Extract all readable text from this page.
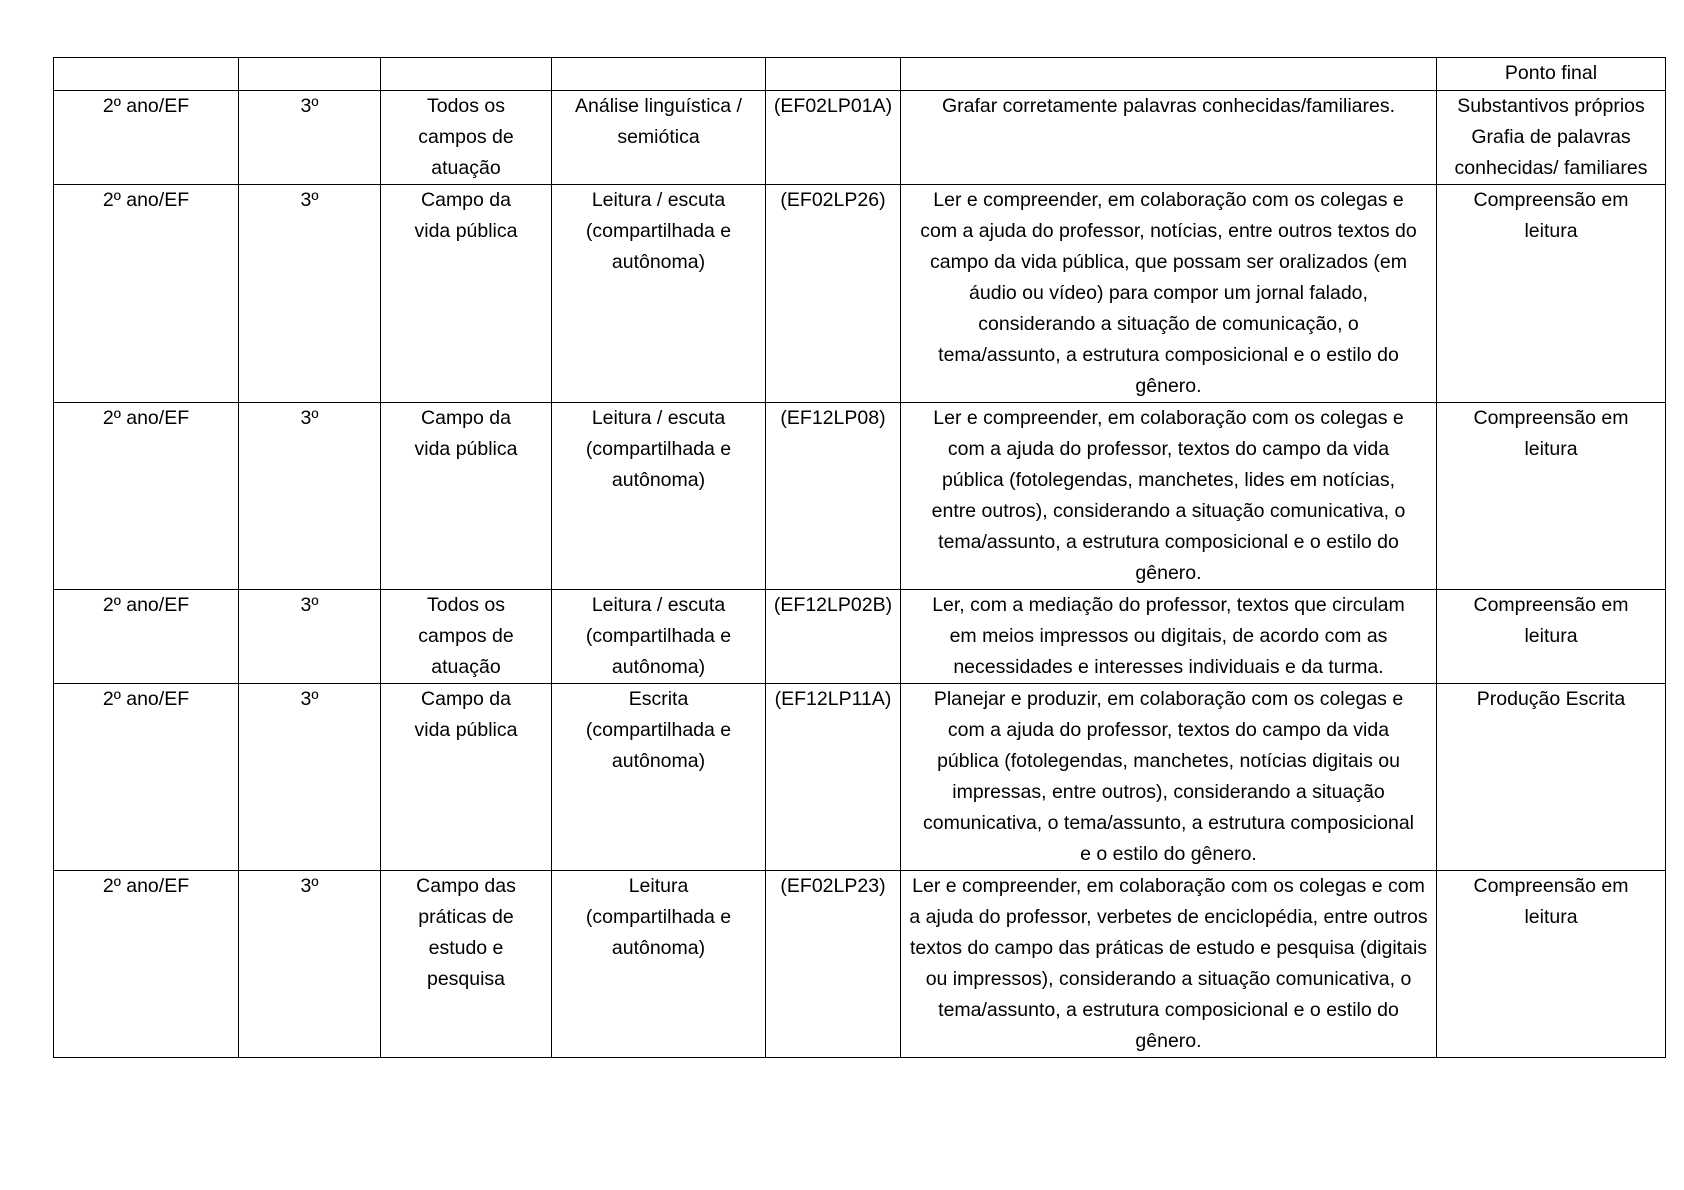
						Ponto final
2º ano/EF	3º	Todos os campos de atuação	Análise linguística / semiótica	(EF02LP01A)	Grafar corretamente palavras conhecidas/familiares.	Substantivos próprios Grafia de palavras conhecidas/ familiares
2º ano/EF	3º	Campo da vida pública	Leitura / escuta (compartilhada e autônoma)	(EF02LP26)	Ler e compreender, em colaboração com os colegas e com a ajuda do professor, notícias, entre outros textos do campo da vida pública, que possam ser oralizados (em áudio ou vídeo) para compor um jornal falado, considerando a situação de comunicação, o tema/assunto, a estrutura composicional e o estilo do gênero.	Compreensão em leitura
2º ano/EF	3º	Campo da vida pública	Leitura / escuta (compartilhada e autônoma)	(EF12LP08)	Ler e compreender, em colaboração com os colegas e com a ajuda do professor, textos do campo da vida pública (fotolegendas, manchetes, lides em notícias, entre outros), considerando a situação comunicativa, o tema/assunto, a estrutura composicional e o estilo do gênero.	Compreensão em leitura
2º ano/EF	3º	Todos os campos de atuação	Leitura / escuta (compartilhada e autônoma)	(EF12LP02B)	Ler, com a mediação do professor, textos que circulam em meios impressos ou digitais, de acordo com as necessidades e interesses individuais e da turma.	Compreensão em leitura
2º ano/EF	3º	Campo da vida pública	Escrita (compartilhada e autônoma)	(EF12LP11A)	Planejar e produzir, em colaboração com os colegas e com a ajuda do professor, textos do campo da vida pública (fotolegendas, manchetes, notícias digitais ou impressas, entre outros), considerando a situação comunicativa, o tema/assunto, a estrutura composicional e o estilo do gênero.	Produção Escrita
2º ano/EF	3º	Campo das práticas de estudo e pesquisa	Leitura (compartilhada e autônoma)	(EF02LP23)	Ler e compreender, em colaboração com os colegas e com a ajuda do professor, verbetes de enciclopédia, entre outros textos do campo das práticas de estudo e pesquisa (digitais ou impressos), considerando a situação comunicativa, o tema/assunto, a estrutura composicional e o estilo do gênero.	Compreensão em leitura
